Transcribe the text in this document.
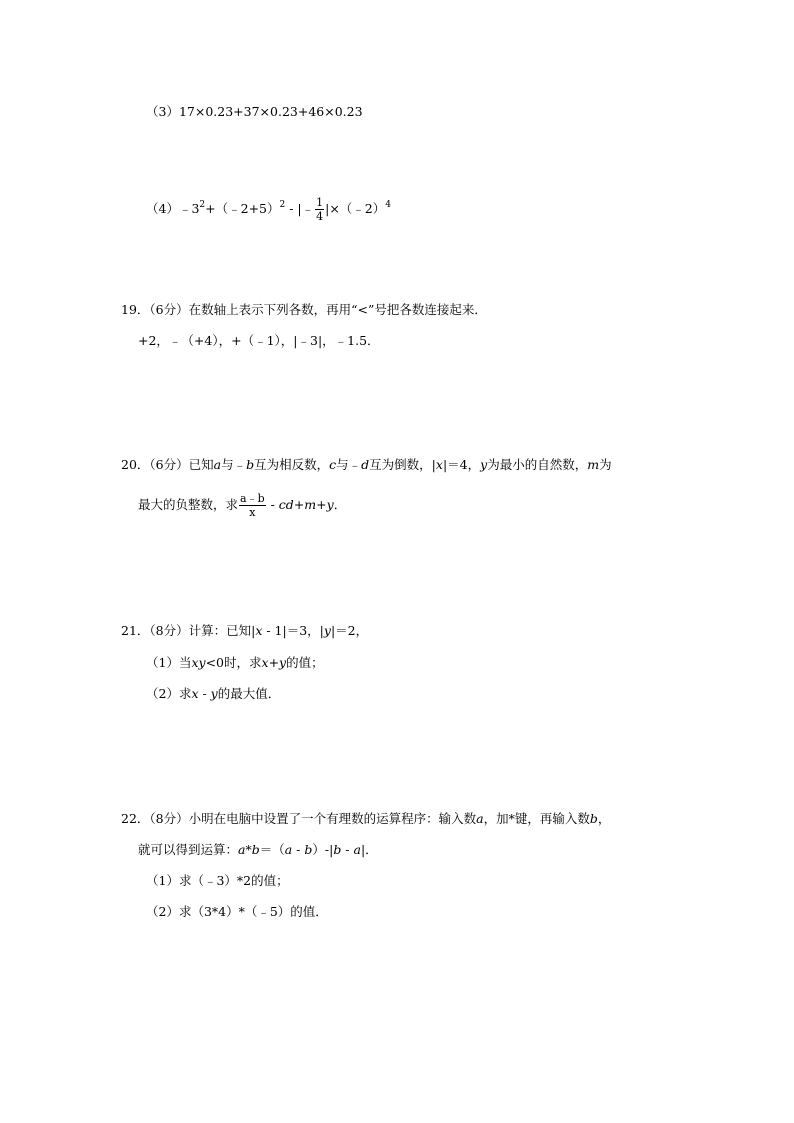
（3）17×0.23+37×0.23+46×0.23
$(4)﹣3^2+(﹣2+5)^2$ - |﹣ $\frac{1}{4}$ |×（﹣2）$^4$
19．（6分）在数轴上表示下列各数，再用“<”号把各数连接起来．
+2，﹣（+4），+（﹣1），|﹣3|，﹣1.5．
20．（6分）已知a与﹣b互为相反数，c与﹣d互为倒数，|x|＝4，y为最小的自然数，m为
最大的负整数，求 $\frac{a﹣b}{x} - cd+m+y$．
21．（8分）计算：已知|x - 1|＝3，|y|＝2，
（1）当xy<0时，求x+y的值；
（2）求x - y的最大值．
22．（8分）小明在电脑中设置了一个有理数的运算程序：输入数a，加*键，再输入数b，
就可以得到运算：a*b＝（a - b）-|b - a|．
（1）求（﹣3）*2的值；
（2）求（3*4）*（﹣5）的值．
